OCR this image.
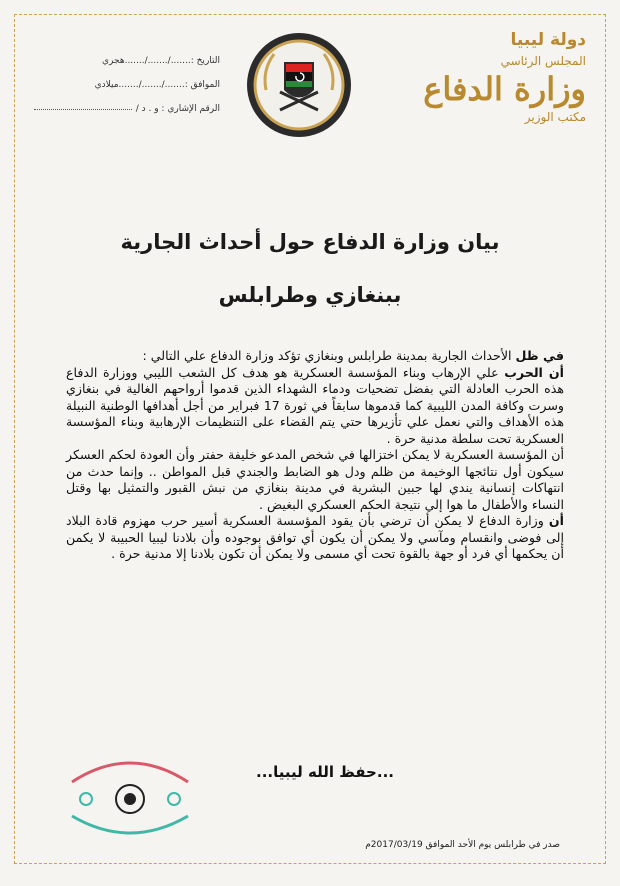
دولة ليبيا
المجلس الرئاسي
وزارة الدفاع
مكتب الوزير
التاريخ :
......./......./.......
هجري
الموافق :
......./......./.......
ميلادي
الرقم الإشاري : و . د /
بيان وزارة الدفاع حول أحداث الجارية
ببنغازي وطرابلس

في ظل الأحداث الجارية بمدينة طرابلس وبنغازي تؤكد وزارة الدفاع علي التالي :

أن الحرب علي الإرهاب وبناء المؤسسة العسكرية هو هدف كل الشعب الليبي ووزارة الدفاع هذه الحرب العادلة التي بفضل تضحيات ودماء الشهداء الذين قدموا أرواحهم الغالية في بنغازي وسرت وكافة المدن الليبية كما قدموها سابقاً في ثورة 17 فبراير من أجل أهدافها الوطنية النبيلة هذه الأهداف والتي نعمل علي تأزيرها حتي يتم القضاء على التنظيمات الإرهابية وبناء المؤسسة العسكرية تحت سلطة مدنية حرة .

أن المؤسسة العسكرية لا يمكن اختزالها في شخص المدعو خليفة حفتر وأن العودة لحكم العسكر سيكون أول نتائجها الوخيمة من ظلم ودل هو الضابط والجندي قبل المواطن .. وإنما حدث من انتهاكات إنسانية يندي لها جبين البشرية في مدينة بنغازي من نبش القبور والتمثيل بها وقتل النساء والأطفال ما هوا إلي نتيجة الحكم العسكري البغيض .

أن وزارة الدفاع لا يمكن أن ترضي بأن يقود المؤسسة العسكرية أسير حرب مهزوم قادة البلاد إلى فوضى وانقسام ومآسي ولا يمكن أن يكون أي توافق بوجوده وأن بلادنا ليبيا الحبيبة لا يكمن أن يحكمها أي فرد أو جهة بالقوة تحت أي مسمى ولا يمكن أن تكون بلادنا إلا مدنية حرة .

...حفظ الله ليبيا...
صدر في طرابلس يوم الأحد الموافق 2017/03/19م
